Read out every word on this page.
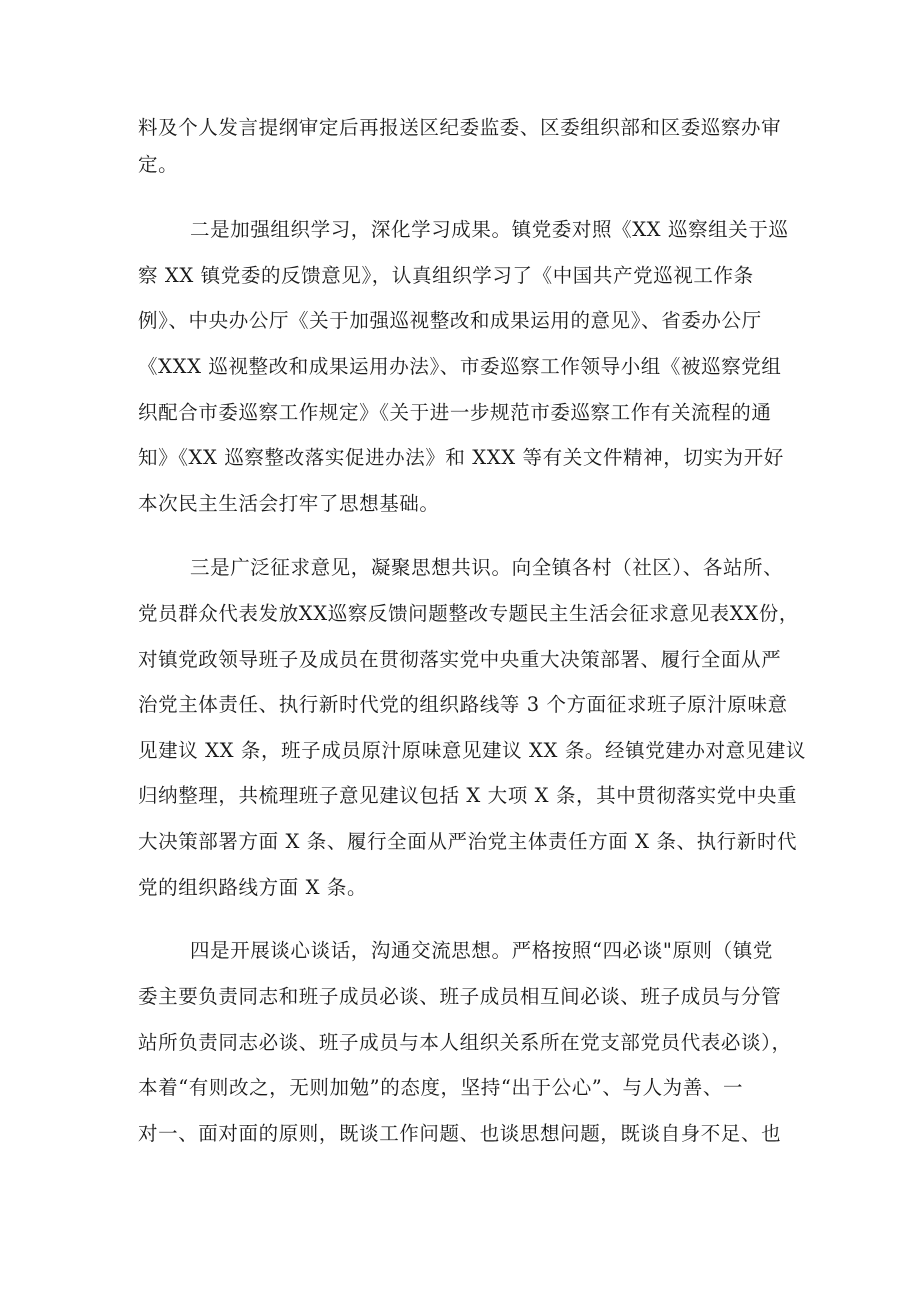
料及个人发言提纲审定后再报送区纪委监委、区委组织部和区委巡察办审
定。
二是加强组织学习，深化学习成果。镇党委对照《XX 巡察组关于巡
察 XX 镇党委的反馈意见》，认真组织学习了《中国共产党巡视工作条
例》、中央办公厅《关于加强巡视整改和成果运用的意见》、省委办公厅
《XXX 巡视整改和成果运用办法》、市委巡察工作领导小组《被巡察党组
织配合市委巡察工作规定》《关于进一步规范市委巡察工作有关流程的通
知》《XX 巡察整改落实促进办法》和 XXX 等有关文件精神，切实为开好
本次民主生活会打牢了思想基础。
三是广泛征求意见，凝聚思想共识。向全镇各村（社区）、各站所、
党员群众代表发放XX巡察反馈问题整改专题民主生活会征求意见表XX份，
对镇党政领导班子及成员在贯彻落实党中央重大决策部署、履行全面从严
治党主体责任、执行新时代党的组织路线等 3 个方面征求班子原汁原味意
见建议 XX 条，班子成员原汁原味意见建议 XX 条。经镇党建办对意见建议
归纳整理，共梳理班子意见建议包括 X 大项 X 条，其中贯彻落实党中央重
大决策部署方面 X 条、履行全面从严治党主体责任方面 X 条、执行新时代
党的组织路线方面 X 条。
四是开展谈心谈话，沟通交流思想。严格按照“四必谈"原则（镇党
委主要负责同志和班子成员必谈、班子成员相互间必谈、班子成员与分管
站所负责同志必谈、班子成员与本人组织关系所在党支部党员代表必谈），
本着“有则改之，无则加勉”的态度，坚持“出于公心”、与人为善、一
对一、面对面的原则，既谈工作问题、也谈思想问题，既谈自身不足、也
